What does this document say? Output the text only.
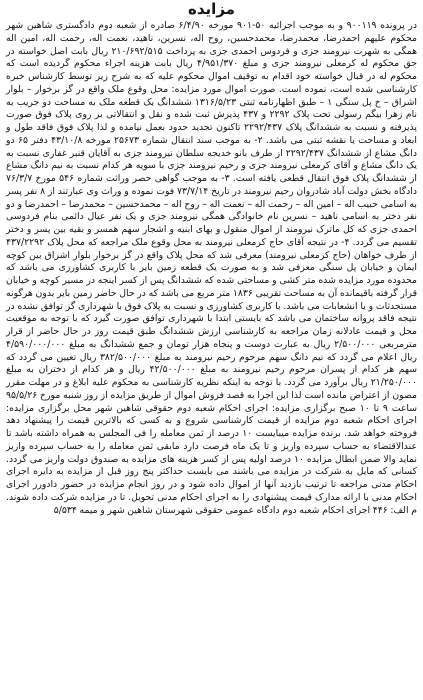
مزایده

در پرونده ۹۰۰۱۱۹ و به موجب اجرائیه ۵۰-۹۰۱ مورخه ۶/۴/۹۰ صادره از شعبه دوم دادگستری شاهین شهر محکوم علیهم احمدرضا، محمدرضا، محمدحسین، روح اله، نسرین، ناهید، نعمت اله، رحمت اله، امین اله همگی به شهرت نیرومند جزی و فردوس احمدی جزی به پرداخت ۲۱۰/۶۹۲/۵۱۵ ریال بابت اصل خواسته در حق محکوم له کرمعلی نیرومند جزی و مبلغ ۴/۹۵۱/۳۷۰ ریال بابت هزینه اجراء محکوم گردیده است که محکوم له در قبال خواسته خود اقدام به توقیف اموال محکوم علیه که به شرح زیر توسط کارشناس خبره کارشناسی شده است، نموده است. صورت اموال مورد مزایده: محل وقوع ملک واقع در گز برخوار – بلوار اشراق – خ پل سنگی ۱ – طبق اظهارنامه ثبتی ۱۳۱۶/۵/۲۳ ششدانگ یک قطعه ملک به مساحت دو جریب به نام زهرا بیگم رسولی تحت پلاک ۲۲۹۲ و ۴۳۷ پذیرش ثبت شده و نقل و انتقالاتی بر روی پلاک فوق صورت پذیرفته و نسبت به ششدانگ پلاک ۲۲۹۲/۴۳۷ تاکنون تجدید حدود بعمل نیامده و لذا پلاک فوق فاقد طول و ابعاد و مساحت یا نقشه ثبتی می باشد. ۲- به موجب سند انتقال شماره ۲۵۶۷۳ مورخه ۴۳/۱۰/۸ دفتر ۶۵ دو دانگ مشاع از ششدانگ ۲۲۹۲/۴۳۷ از طرف بانو خدیجه سلطان نیرومند جزی به آقایان قنبر غفاری نسبت به یک دانگ مشاع و آقای کرمعلی نیرومند جزی و رحیم نیرومند جزی با سویه هر کدام نسبت به نیم دانگ مشاع از ششدانگ پلاک فوق انتقال قطعی یافته است. ۳- به موجب گواهی حصر وراثت شماره ۵۴۶ مورخ ۷۶/۳/۷ دادگاه بخش دولت آباد شادروان رحیم نیرومند در تاریخ ۷۳/۷/۱۴ فوت نموده و وراث وی عبارتند از ۸ نفر پسر به اسامی حبیب اله – امین اله – رحمت اله – نعمت اله – روح اله – محمدحسین – محمدرضا – احمدرضا و دو نفر دختر به اسامی ناهید – نسرین نام خانوادگی همگی نیرومند جزی و یک نفر عیال دائمی بنام فردوسی احمدی جزی که کل ماترک نیرومند از اموال منقول و بهای ابنیه و اشجار سهم همسر و بقیه بین پسر و دختر تقسیم می گردد. ۴- در نتیجه آقای حاج کرمعلی نیرومند به محل وقوع ملک مراجعه که محل پلاک ۴۳۷/۲۲۹۲ از طرف خواهان (حاج کرمعلی نیرومند) معرفی شد که محل پلاک واقع در گز برخوار بلوار اشراق بین کوچه ایمان و خیابان پل سنگی معرفی شد و به صورت یک قطعه زمین باير با کاربری کشاورزی می باشد که محدوده مورد مزایده شده متر کشی و مساحتی شده که ششدانگ پس از کسر اینجه در مسیر کوچه و خیابان قرار گرفته باقیمانده آن به مساحت تقریبی ۱۸۳۶ متر مربع می باشد که در حال حاضر زمین باير بدون هرگونه مستحدثات و یا انشعابات می باشد. با کاربری کشاورزی و نسبت به پلاک فوق با شهرداری گز توافق نشده در نتیجه فاقد پروانه ساختمان می باشد که بایستی ابتدا با شهرداری توافق صورت گیرد که با توجه به موقعیت محل و قیمت عادلانه زمان مراجعه به کارشناسی ارزش ششدانگ طبق قیمت روز در حال حاضر از قرار مترمربعی ۲/۵۰۰/۰۰۰ ریال به عبارت دوست و پنجاه هزار تومان و جمع ششدانگ به مبلغ ۴/۵۹۰/۰۰۰/۰۰۰ ریال اعلام می گردد که نیم دانگ سهم مرحوم رحیم نیرومند به مبلغ ۳۸۲/۵۰۰/۰۰۰ ریال تعیین می گردد که سهم هر کدام از پسران مرحوم رحیم نیرومند به مبلغ ۴۲/۵۰۰/۰۰۰ ریال و هر کدام از دختران به مبلغ ۲۱/۲۵۰/۰۰۰ ریال برآورد می گردد. با توجه به اینکه نظریه کارشناسی به محکوم علیه ابلاغ و در مهلت مقرر مصون از اعتراض مانده است لذا این اجرا به قصد فروش اموال از طریق مزایده از روز شنبه مورخ ۹۵/۵/۲۶ ساعت ۹ تا ۱۰ صبح برگزاری مزایده: اجرای احکام شعبه دوم حقوقی شاهین شهر محل برگزاری مزایده: اجرای احکام شعبه دوم مزایده از قیمت کارشناسی شروع و به کسی که بالاترین قیمت را پیشنهاد دهد فروخته خواهد شد. برنده مزایده میبایست ۱۰ درصد از ثمن معامله را فی المجلس به همراه داشته باشد تا عندالاقتضاء به حساب سپرده واریز و تا یک ماه فرصت دارد مابقی ثمن معامله را به حساب سپرده واریز نماید والا ضمن ابطال مزایده ۱۰ درصد اولیه پس از کسر هزینه های مزایده به صندوق دولت واریز می گردد. کسانی که مایل به شرکت در مزایده می باشند می بایست حداکثر پنج روز قبل از مزایده به دایره اجرای احکام مدنی مراجعه تا ترتیب بازدید آنها از اموال داده شود و در روز انجام مزایده در حضور دادورز اجرای احکام مدنی با ارائه مدارک قیمت پیشنهادی را به اجرای احکام مدنی تحویل. تا در مزایده شرکت داده شوند. م الف: ۴۴۶ اجرای احکام شعبه دوم دادگاه عمومی حقوقی شهرستان شاهین شهر و میمه ۵/۵۳۴
